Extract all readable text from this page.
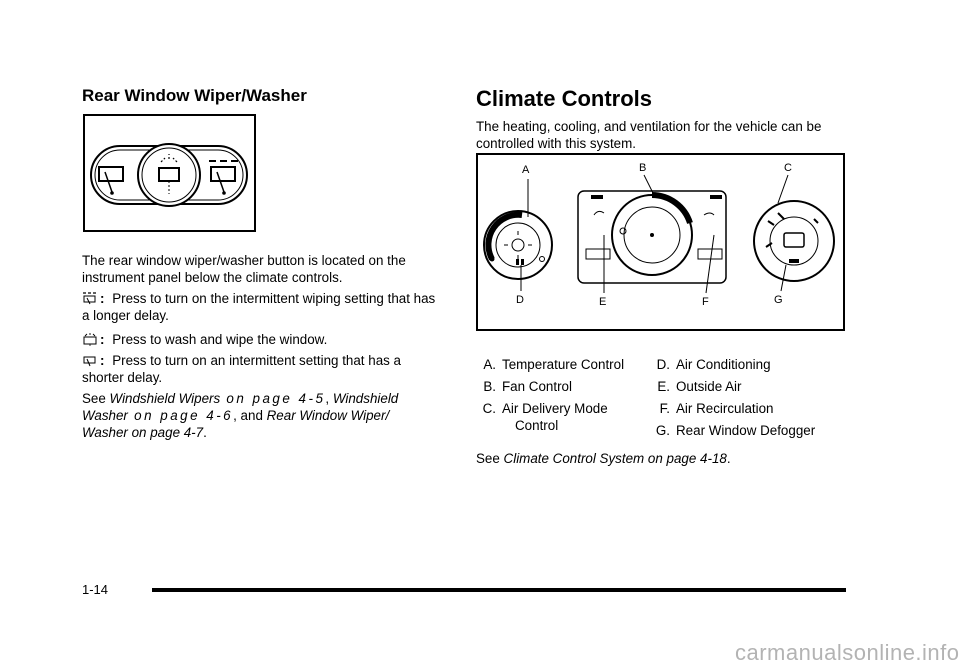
Rear Window Wiper/Washer
The rear window wiper/washer button is located on the instrument panel below the climate controls.
: Press to turn on the intermittent wiping setting that has a longer delay.
: Press to wash and wipe the window.
: Press to turn on an intermittent setting that has a shorter delay.
See Windshield Wipers on page 4-5, Windshield
Washer on page 4-6, and Rear Window Wiper/
Washer on page 4-7.
Climate Controls
The heating, cooling, and ventilation for the vehicle can be controlled with this system.
A	B	C
D	E	F	G
A. Temperature Control
B. Fan Control
C. Air Delivery Mode
Control
D. Air Conditioning
E. Outside Air
F. Air Recirculation
G. Rear Window Defogger
See Climate Control System on page 4-18.
1-14
carmanualsonline.info
